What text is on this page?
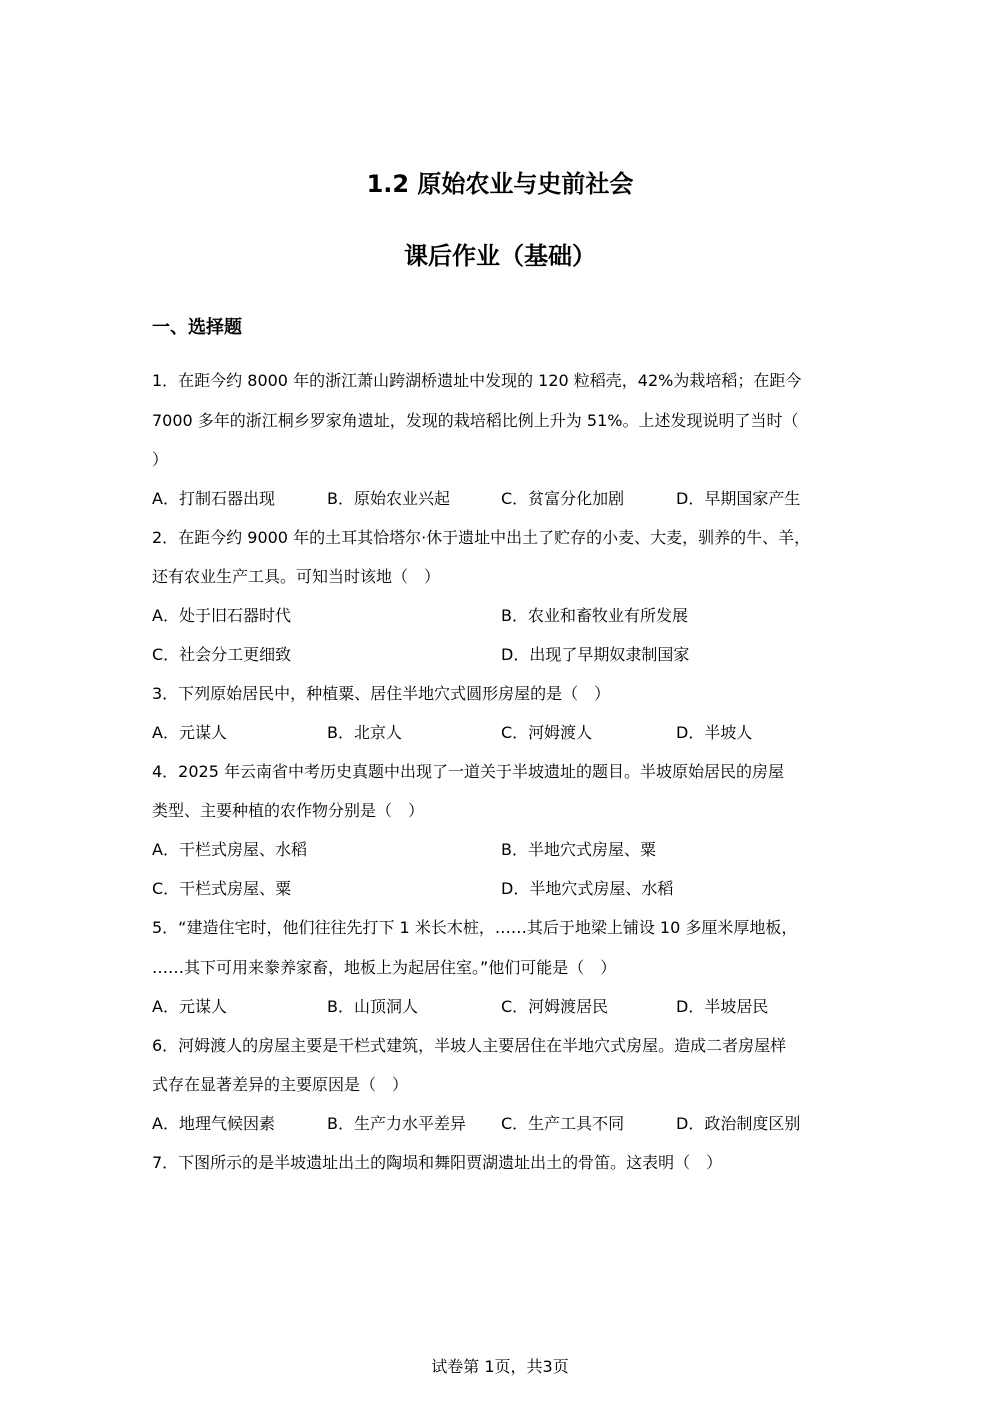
1.2 原始农业与史前社会
课后作业（基础）
一、选择题
1．在距今约 8000 年的浙江萧山跨湖桥遗址中发现的 120 粒稻壳，42%为栽培稻；在距今
7000 多年的浙江桐乡罗家角遗址，发现的栽培稻比例上升为 51%。上述发现说明了当时（
）
A．打制石器出现	B．原始农业兴起	C．贫富分化加剧	D．早期国家产生
2．在距今约 9000 年的土耳其恰塔尔·休于遗址中出土了贮存的小麦、大麦，驯养的牛、羊，
还有农业生产工具。可知当时该地（　）
A．处于旧石器时代	B．农业和畜牧业有所发展
C．社会分工更细致	D．出现了早期奴隶制国家
3．下列原始居民中，种植粟、居住半地穴式圆形房屋的是（　）
A．元谋人	B．北京人	C．河姆渡人	D．半坡人
4．2025 年云南省中考历史真题中出现了一道关于半坡遗址的题目。半坡原始居民的房屋
类型、主要种植的农作物分别是（　）
A．干栏式房屋、水稻	B．半地穴式房屋、粟
C．干栏式房屋、粟	D．半地穴式房屋、水稻
5．“建造住宅时，他们往往先打下 1 米长木桩，……其后于地梁上铺设 10 多厘米厚地板，
……其下可用来豢养家畜，地板上为起居住室。”他们可能是（　）
A．元谋人	B．山顶洞人	C．河姆渡居民	D．半坡居民
6．河姆渡人的房屋主要是干栏式建筑，半坡人主要居住在半地穴式房屋。造成二者房屋样
式存在显著差异的主要原因是（　）
A．地理气候因素	B．生产力水平差异 C．生产工具不同	D．政治制度区别
7．下图所示的是半坡遗址出土的陶埙和舞阳贾湖遗址出土的骨笛。这表明（　）
试卷第 1页，共3页
